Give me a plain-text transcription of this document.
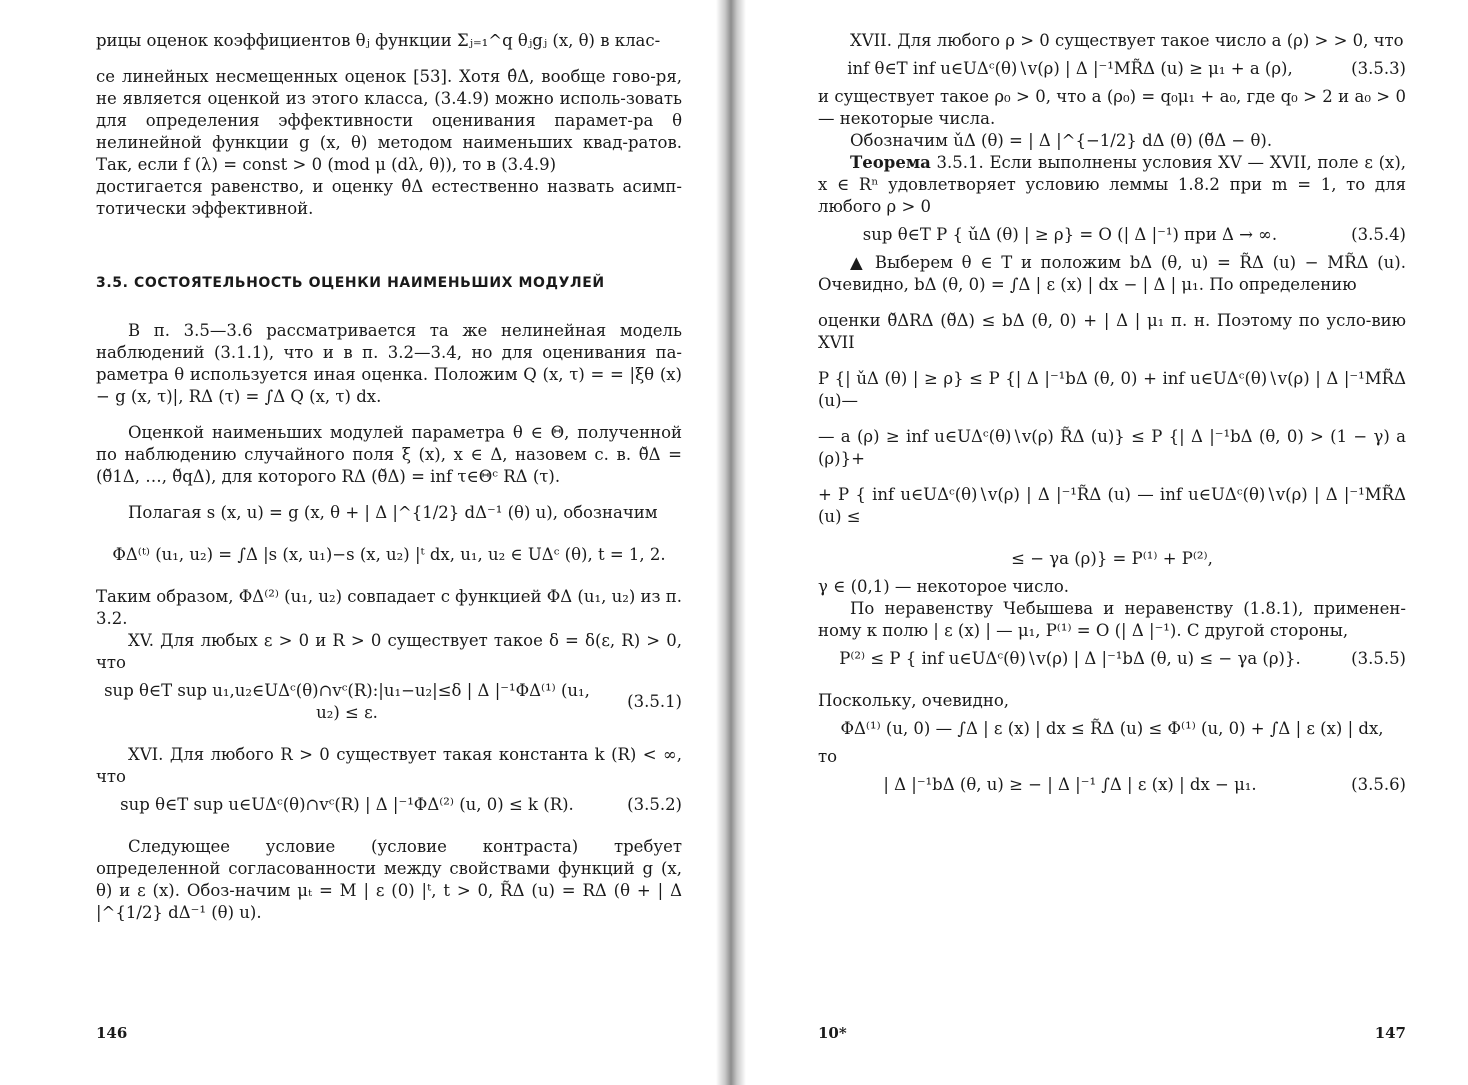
рицы оценок коэффициентов θⱼ функции Σⱼ₌₁^q θⱼgⱼ (x, θ) в клас-

се линейных несмещенных оценок [53]. Хотя θ̂Δ, вообще гово-ря, не является оценкой из этого класса, (3.4.9) можно исполь-зовать для определения эффективности оценивания парамет-ра θ нелинейной функции g (x, θ) методом наименьших квад-ратов. Так, если f (λ) = const > 0 (mod μ (dλ, θ)), то в (3.4.9)

достигается равенство, и оценку θ̂Δ естественно назвать асимп-тотически эффективной.

3.5. СОСТОЯТЕЛЬНОСТЬ ОЦЕНКИ НАИМЕНЬШИХ МОДУЛЕЙ

В п. 3.5—3.6 рассматривается та же нелинейная модель наблюдений (3.1.1), что и в п. 3.2—3.4, но для оценивания па-раметра θ используется иная оценка. Положим Q (x, τ) = = |ξθ (x) − g (x, τ)|, RΔ (τ) = ∫Δ Q (x, τ) dx.

Оценкой наименьших модулей параметра θ ∈ Θ, полученной по наблюдению случайного поля ξ (x), x ∈ Δ, назовем с. в. θ̌Δ = (θ̌1Δ, …, θ̌qΔ), для которого RΔ (θ̌Δ) = inf τ∈Θᶜ RΔ (τ).

Полагая s (x, u) = g (x, θ + | Δ |^{1/2} dΔ⁻¹ (θ) u), обозначим

ΦΔ⁽ᵗ⁾ (u₁, u₂) = ∫Δ |s (x, u₁)−s (x, u₂) |ᵗ dx, u₁, u₂ ∈ UΔᶜ (θ), t = 1, 2.

Таким образом, ΦΔ⁽²⁾ (u₁, u₂) совпадает с функцией ΦΔ (u₁, u₂) из п. 3.2.

XV. Для любых ε > 0 и R > 0 существует такое δ = δ(ε, R) > 0, что

sup θ∈T sup u₁,u₂∈UΔᶜ(θ)∩vᶜ(R):|u₁−u₂|≤δ | Δ |⁻¹ΦΔ⁽¹⁾ (u₁, u₂) ≤ ε.
(3.5.1)

XVI. Для любого R > 0 существует такая константа k (R) < ∞, что

sup θ∈T sup u∈UΔᶜ(θ)∩vᶜ(R) | Δ |⁻¹ΦΔ⁽²⁾ (u, 0) ≤ k (R).	(3.5.2)

Следующее условие (условие контраста) требует определенной согласованности между свойствами функций g (x, θ) и ε (x). Обоз-начим μₜ = M | ε (0) |ᵗ, t > 0, R̃Δ (u) = RΔ (θ + | Δ |^{1/2} dΔ⁻¹ (θ) u).

146

XVII. Для любого ρ > 0 существует такое число a (ρ) > > 0, что

inf θ∈T inf u∈UΔᶜ(θ)∖v(ρ) | Δ |⁻¹MR̃Δ (u) ≥ μ₁ + a (ρ),	(3.5.3)

и существует такое ρ₀ > 0, что a (ρ₀) = q₀μ₁ + a₀, где q₀ > 2 и a₀ > 0 — некоторые числа.

Обозначим ǔΔ (θ) = | Δ |^{−1/2} dΔ (θ) (θ̌Δ − θ).

Теорема 3.5.1. Если выполнены условия XV — XVII, поле ε (x), x ∈ Rⁿ удовлетворяет условию леммы 1.8.2 при m = 1, то для любого ρ > 0

sup θ∈T P { ǔΔ (θ) | ≥ ρ} = O (| Δ |⁻¹) при Δ → ∞.	(3.5.4)

▲ Выберем θ ∈ T и положим bΔ (θ, u) = R̃Δ (u) − MR̃Δ (u). Очевидно, bΔ (θ, 0) = ∫Δ | ε (x) | dx − | Δ | μ₁. По определению

оценки θ̌ΔRΔ (θ̌Δ) ≤ bΔ (θ, 0) + | Δ | μ₁ п. н. Поэтому по усло-вию XVII

P {| ǔΔ (θ) | ≥ ρ} ≤ P {| Δ |⁻¹bΔ (θ, 0) + inf u∈UΔᶜ(θ)∖v(ρ) | Δ |⁻¹MR̃Δ (u)—

— a (ρ) ≥ inf u∈UΔᶜ(θ)∖v(ρ) R̃Δ (u)} ≤ P {| Δ |⁻¹bΔ (θ, 0) > (1 − γ) a (ρ)}+

+ P { inf u∈UΔᶜ(θ)∖v(ρ) | Δ |⁻¹R̃Δ (u) — inf u∈UΔᶜ(θ)∖v(ρ) | Δ |⁻¹MR̃Δ (u) ≤

≤ − γa (ρ)} = P⁽¹⁾ + P⁽²⁾,

γ ∈ (0,1) — некоторое число.

По неравенству Чебышева и неравенству (1.8.1), применен-ному к полю | ε (x) | — μ₁, P⁽¹⁾ = O (| Δ |⁻¹). С другой стороны,

P⁽²⁾ ≤ P { inf u∈UΔᶜ(θ)∖v(ρ) | Δ |⁻¹bΔ (θ, u) ≤ − γa (ρ)}.	(3.5.5)

Поскольку, очевидно,

ΦΔ⁽¹⁾ (u, 0) — ∫Δ | ε (x) | dx ≤ R̃Δ (u) ≤ Φ⁽¹⁾ (u, 0) + ∫Δ | ε (x) | dx,

то

| Δ |⁻¹bΔ (θ, u) ≥ − | Δ |⁻¹ ∫Δ | ε (x) | dx − μ₁.	(3.5.6)
10*	147
